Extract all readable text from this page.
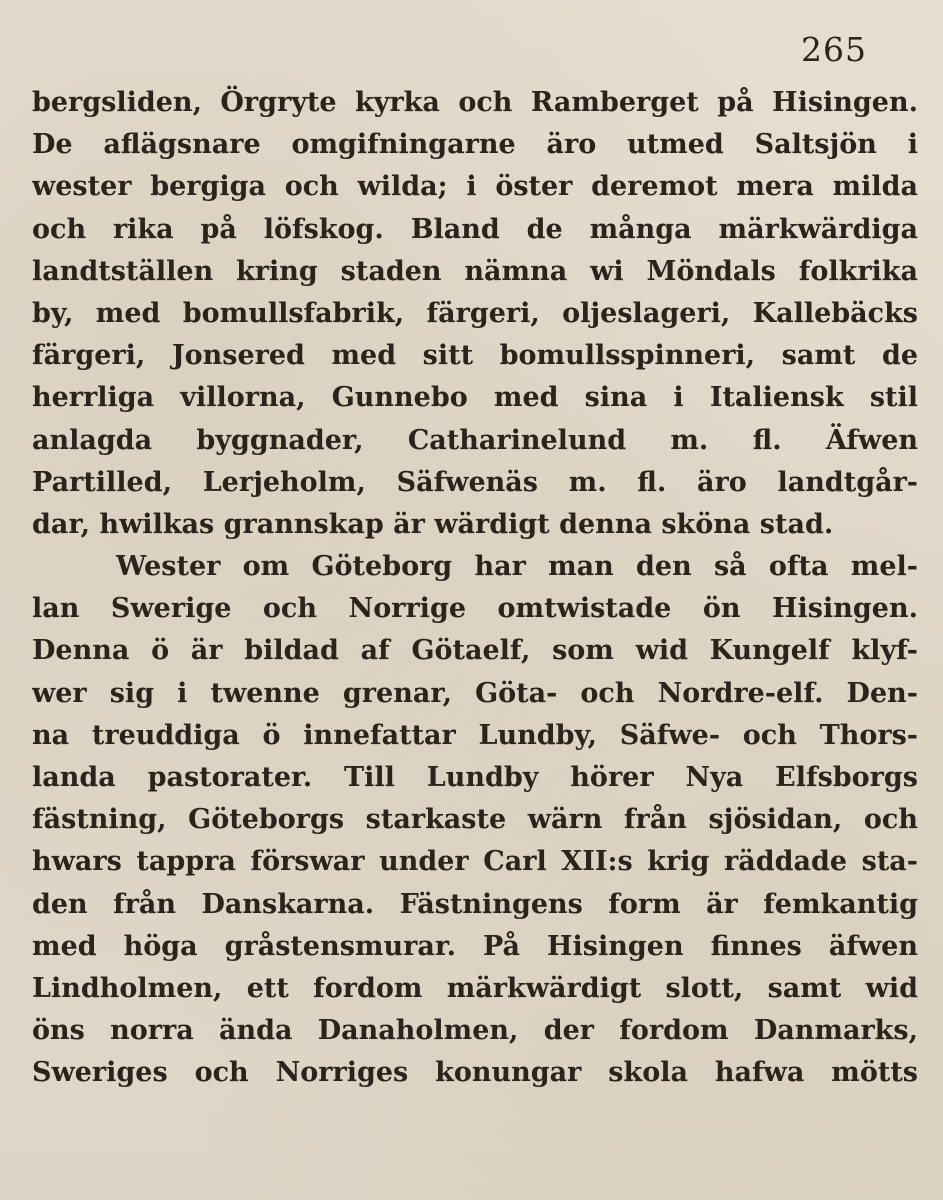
265
bergsliden, Örgryte kyrka och Ramberget på Hisingen.
De aflägsnare omgifningarne äro utmed Saltsjön i
wester bergiga och wilda; i öster deremot mera milda
och rika på löfskog. Bland de många märkwärdiga
landtställen kring staden nämna wi Möndals folkrika
by, med bomullsfabrik, färgeri, oljeslageri, Kallebäcks
färgeri, Jonsered med sitt bomullsspinneri, samt de
herrliga villorna, Gunnebo med sina i Italiensk stil
anlagda byggnader, Catharinelund m. fl. Äfwen
Partilled, Lerjeholm, Säfwenäs m. fl. äro landtgår-
dar, hwilkas grannskap är wärdigt denna sköna stad.
Wester om Göteborg har man den så ofta mel-
lan Swerige och Norrige omtwistade ön Hisingen.
Denna ö är bildad af Götaelf, som wid Kungelf klyf-
wer sig i twenne grenar, Göta- och Nordre-elf. Den-
na treuddiga ö innefattar Lundby, Säfwe- och Thors-
landa pastorater. Till Lundby hörer Nya Elfsborgs
fästning, Göteborgs starkaste wärn från sjösidan, och
hwars tappra förswar under Carl XII:s krig räddade sta-
den från Danskarna. Fästningens form är femkantig
med höga gråstensmurar. På Hisingen finnes äfwen
Lindholmen, ett fordom märkwärdigt slott, samt wid
öns norra ända Danaholmen, der fordom Danmarks,
Sweriges och Norriges konungar skola hafwa mötts
